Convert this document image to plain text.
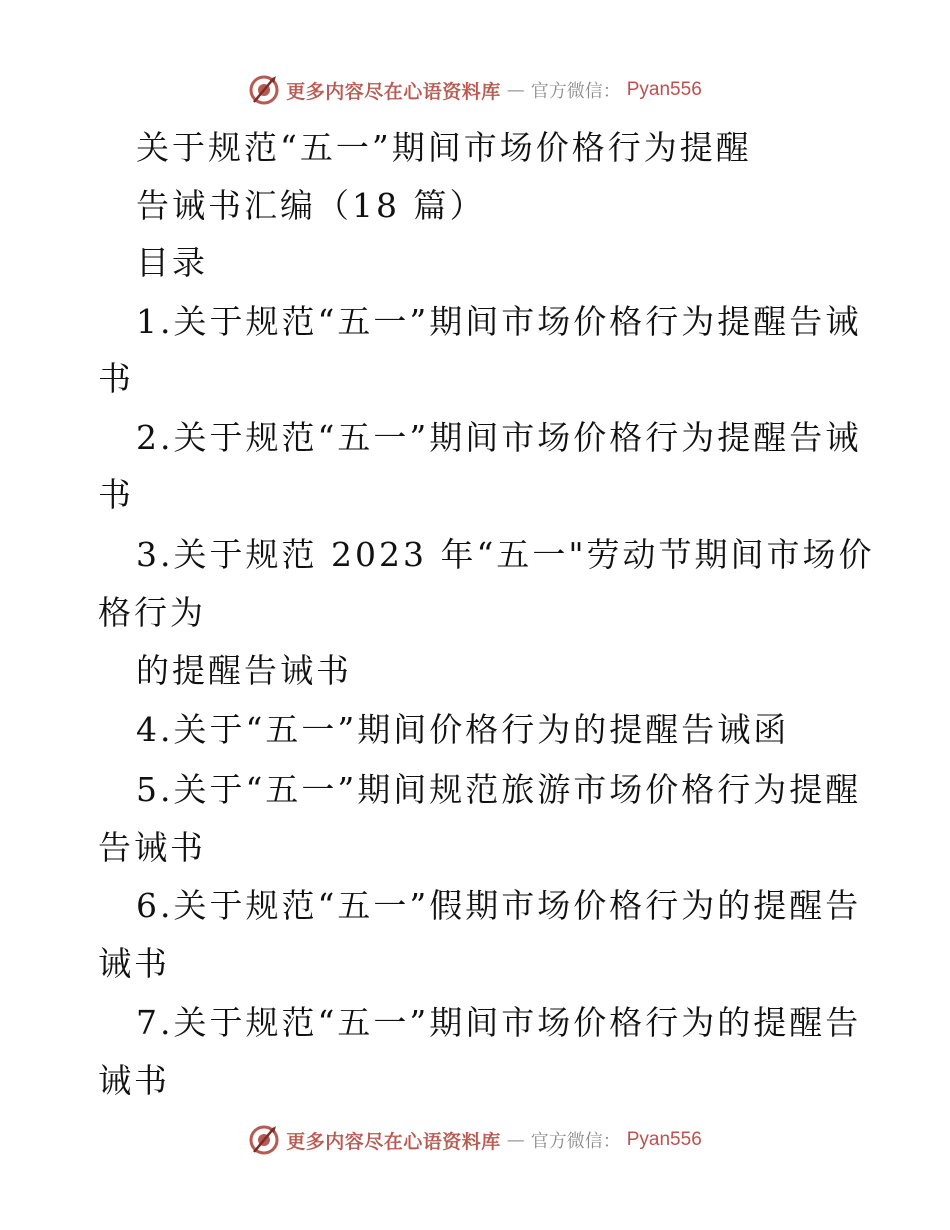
更多内容尽在心语资料库 — 官方微信： Pyan556
关于规范“五一”期间市场价格行为提醒
告诫书汇编（18 篇）
目录
1.关于规范“五一”期间市场价格行为提醒告诫
书
2.关于规范“五一”期间市场价格行为提醒告诫
书
3.关于规范 2023 年“五一"劳动节期间市场价
格行为
的提醒告诫书
4.关于“五一”期间价格行为的提醒告诫函
5.关于“五一”期间规范旅游市场价格行为提醒
告诫书
6.关于规范“五一”假期市场价格行为的提醒告
诫书
7.关于规范“五一”期间市场价格行为的提醒告
诫书
更多内容尽在心语资料库 — 官方微信： Pyan556
